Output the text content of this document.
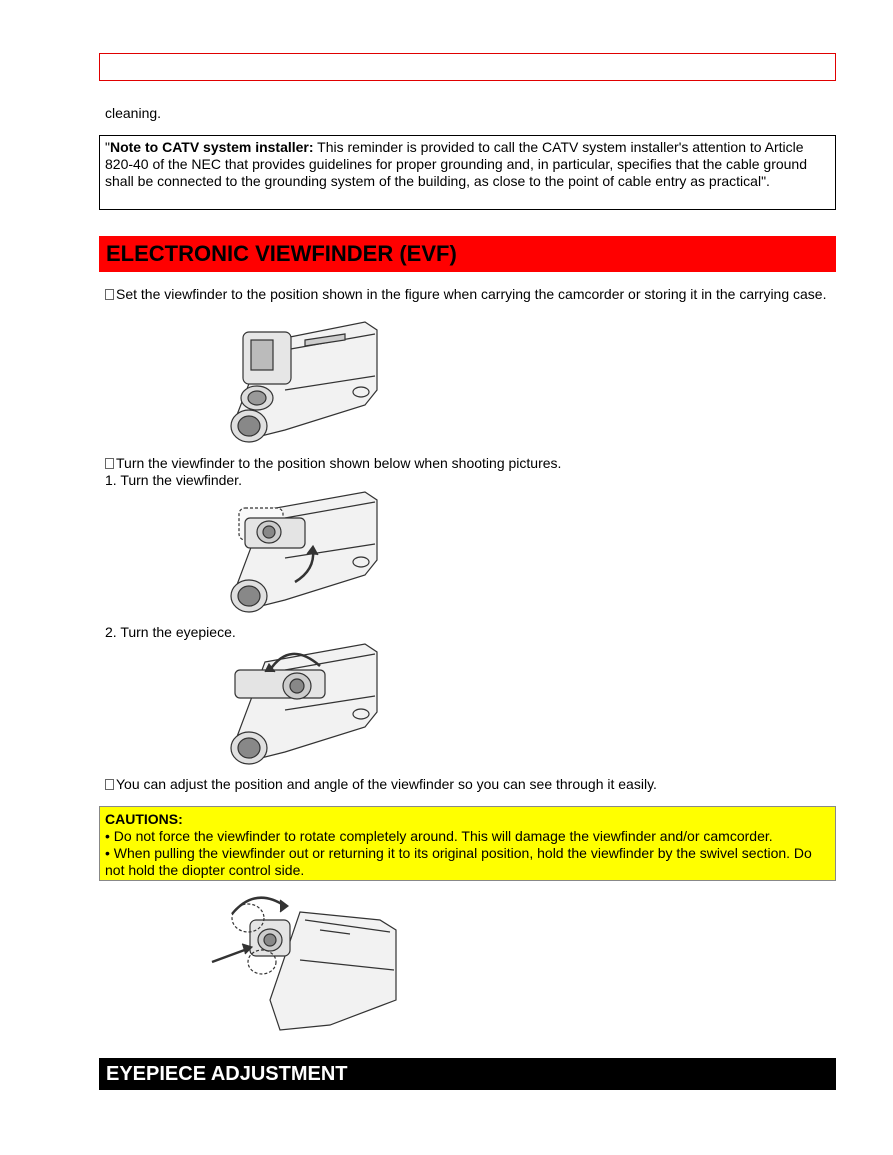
cleaning.
"Note to CATV system installer: This reminder is provided to call the CATV system installer's attention to Article 820-40 of the NEC that provides guidelines for proper grounding and, in particular, specifies that the cable ground shall be connected to the grounding system of the building, as close to the point of cable entry as practical".
ELECTRONIC VIEWFINDER (EVF)
Set the viewfinder to the position shown in the figure when carrying the camcorder or storing it in the carrying case.
Turn the viewfinder to the position shown below when shooting pictures.
1. Turn the viewfinder.
2. Turn the eyepiece.
You can adjust the position and angle of the viewfinder so you can see through it easily.
CAUTIONS:
• Do not force the viewfinder to rotate completely around. This will damage the viewfinder and/or camcorder.
• When pulling the viewfinder out or returning it to its original position, hold the viewfinder by the swivel section. Do not hold the diopter control side.
EYEPIECE ADJUSTMENT
